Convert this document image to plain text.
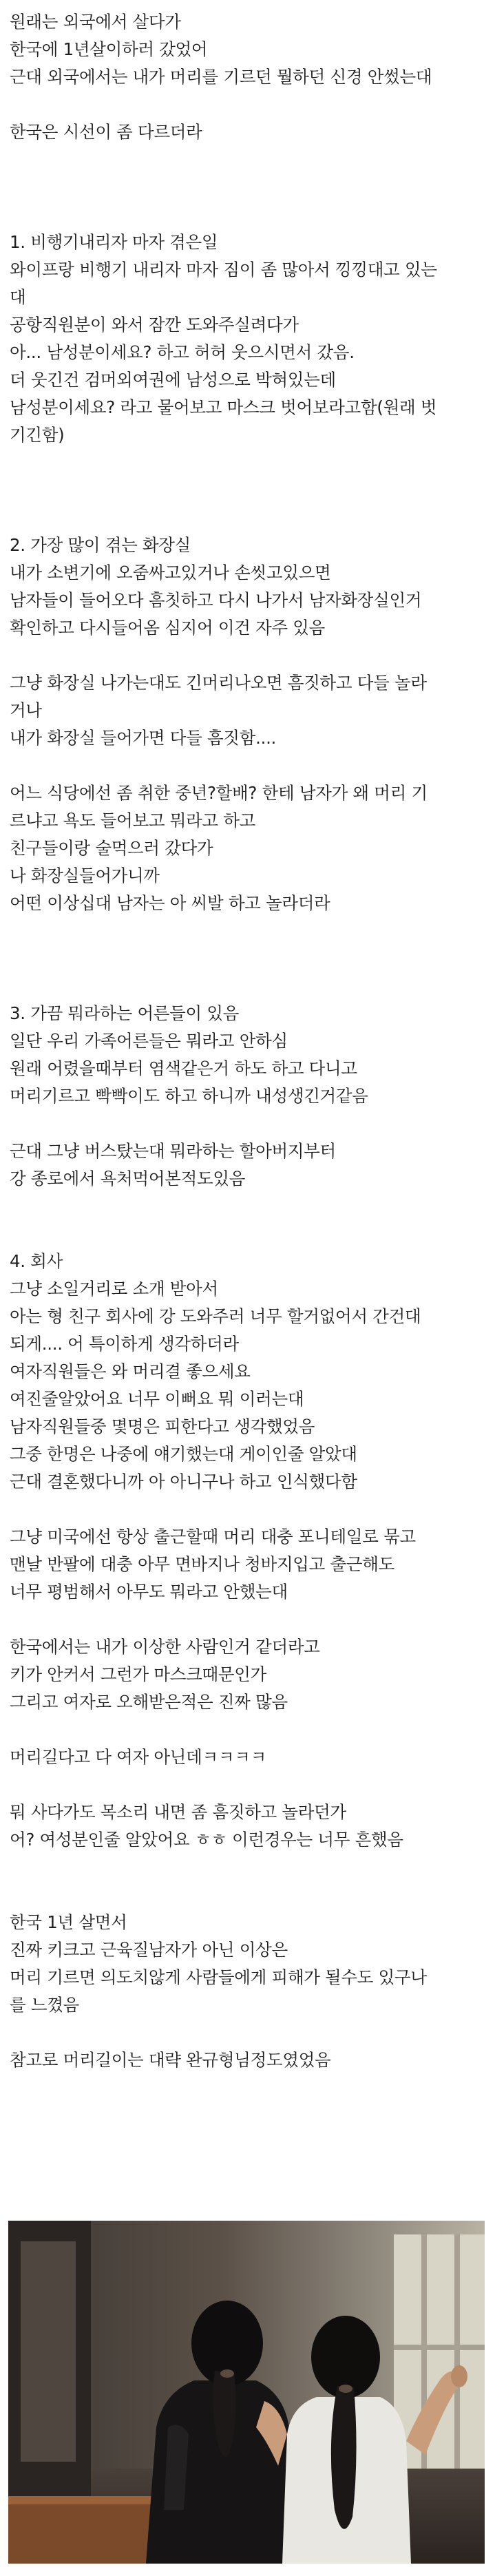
원래는 외국에서 살다가
한국에 1년살이하러 갔었어
근대 외국에서는 내가 머리를 기르던 뭘하던 신경 안썼는대
한국은 시선이 좀 다르더라
1. 비행기내리자 마자 겪은일
와이프랑 비행기 내리자 마자 짐이 좀 많아서 낑낑대고 있는
대
공항직원분이 와서 잠깐 도와주실려다가
아... 남성분이세요? 하고 허허 웃으시면서 갔음.
더 웃긴건 검머외여권에 남성으로 박혀있는데
남성분이세요? 라고 물어보고 마스크 벗어보라고함(원래 벗
기긴함)
2. 가장 많이 겪는 화장실
내가 소변기에 오줌싸고있거나 손씻고있으면
남자들이 들어오다 흠칫하고 다시 나가서 남자화장실인거
확인하고 다시들어옴 심지어 이건 자주 있음
그냥 화장실 나가는대도 긴머리나오면 흠짓하고 다들 놀라
거나
내가 화장실 들어가면 다들 흠짓함....
어느 식당에선 좀 취한 중년?할배? 한테 남자가 왜 머리 기
르냐고 욕도 들어보고 뭐라고 하고
친구들이랑 술먹으러 갔다가
나 화장실들어가니까
어떤 이상십대 남자는 아 씨발 하고 놀라더라
3. 가끔 뭐라하는 어른들이 있음
일단 우리 가족어른들은 뭐라고 안하심
원래 어렸을때부터 염색같은거 하도 하고 다니고
머리기르고 빡빡이도 하고 하니까 내성생긴거같음
근대 그냥 버스탔는대 뭐라하는 할아버지부터
강 종로에서 욕처먹어본적도있음
4. 회사
그냥 소일거리로 소개 받아서
아는 형 친구 회사에 강 도와주러 너무 할거없어서 간건대
되게.... 어 특이하게 생각하더라
여자직원들은 와 머리결 좋으세요
여진줄알았어요 너무 이뻐요 뭐 이러는대
남자직원들중 몇명은 피한다고 생각했었음
그중 한명은 나중에 얘기했는대 게이인줄 알았대
근대 결혼했다니까 아 아니구나 하고 인식했다함
그냥 미국에선 항상 출근할때 머리 대충 포니테일로 묶고
맨날 반팔에 대충 아무 면바지나 청바지입고 출근해도
너무 평범해서 아무도 뭐라고 안했는대
한국에서는 내가 이상한 사람인거 같더라고
키가 안커서 그런가 마스크때문인가
그리고 여자로 오해받은적은 진짜 많음
머리길다고 다 여자 아닌데ㅋㅋㅋㅋ
뭐 사다가도 목소리 내면 좀 흠짓하고 놀라던가
어? 여성분인줄 알았어요 ㅎㅎ 이런경우는 너무 흔했음
한국 1년 살면서
진짜 키크고 근육질남자가 아닌 이상은
머리 기르면 의도치않게 사람들에게 피해가 될수도 있구나
를 느꼈음
참고로 머리길이는 대략 완규형님정도였었음
